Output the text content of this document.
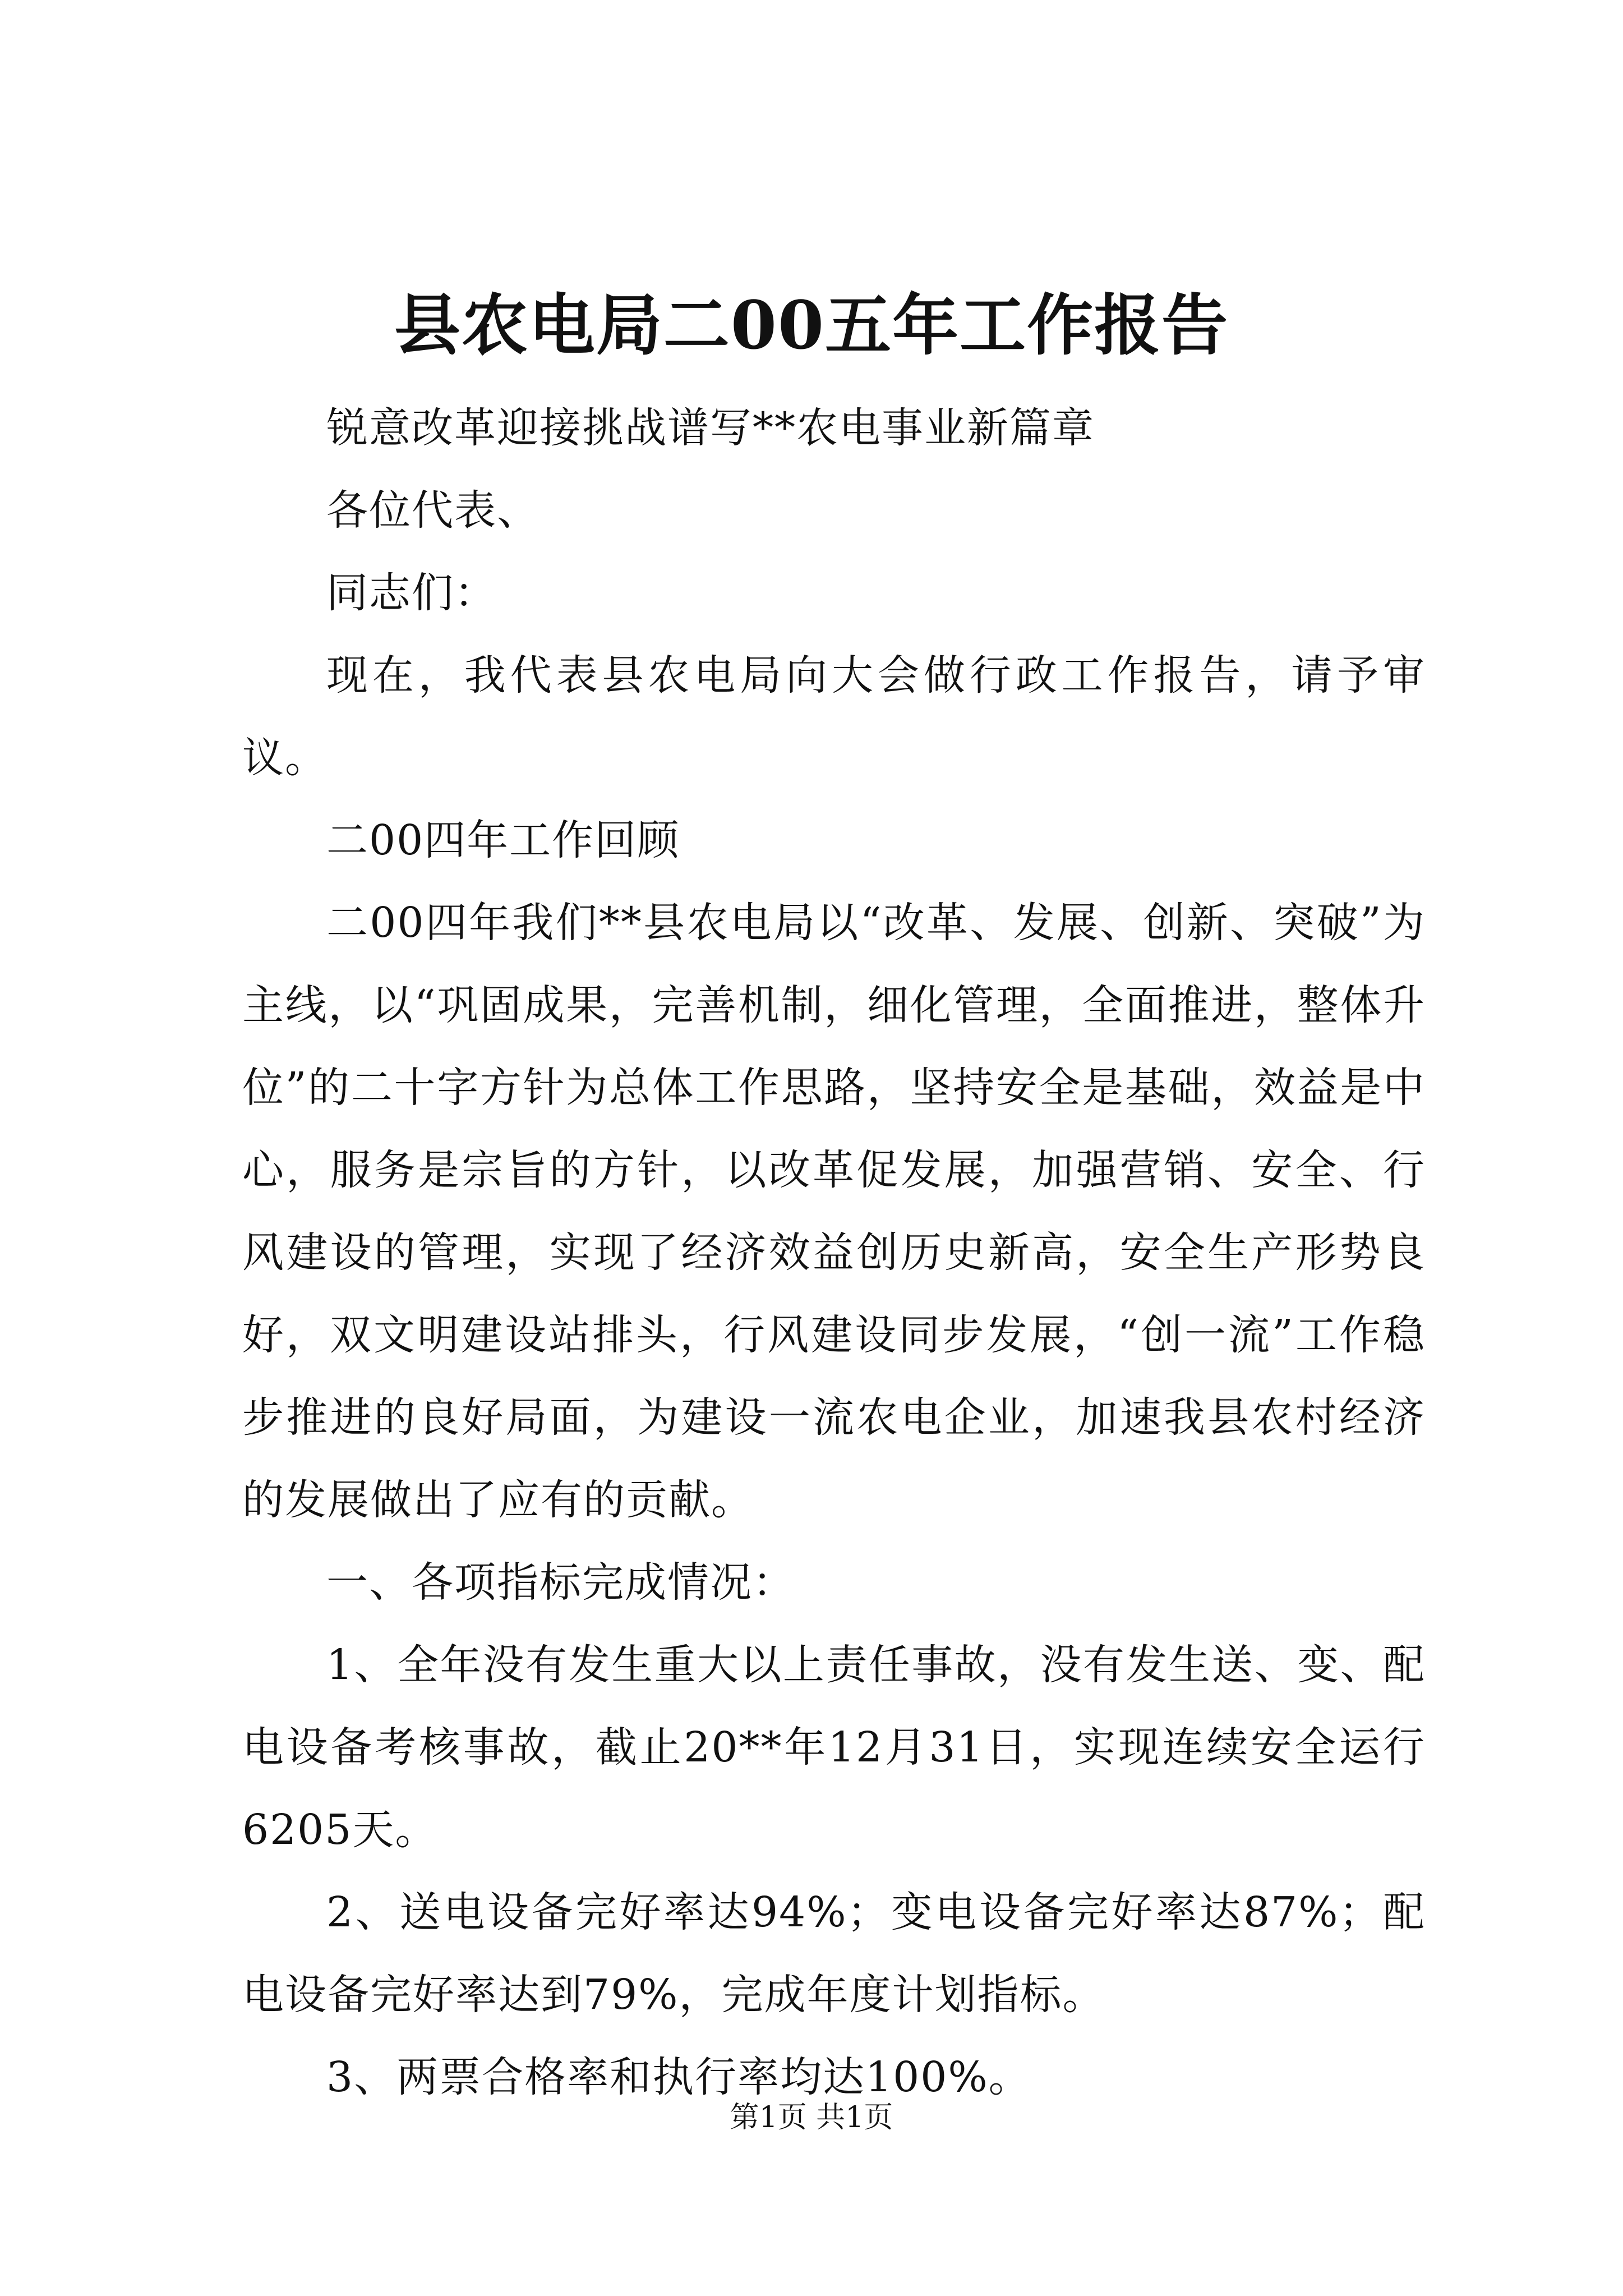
县农电局二00五年工作报告

锐意改革迎接挑战谱写**农电事业新篇章

各位代表、

同志们：

现在，我代表县农电局向大会做行政工作报告，请予审议。

二00四年工作回顾

二00四年我们**县农电局以“改革、发展、创新、突破”为主线，以“巩固成果，完善机制，细化管理，全面推进，整体升位”的二十字方针为总体工作思路，坚持安全是基础，效益是中心，服务是宗旨的方针，以改革促发展，加强营销、安全、行风建设的管理，实现了经济效益创历史新高，安全生产形势良好，双文明建设站排头，行风建设同步发展，“创一流”工作稳步推进的良好局面，为建设一流农电企业，加速我县农村经济的发展做出了应有的贡献。

一、各项指标完成情况：

1、全年没有发生重大以上责任事故，没有发生送、变、配电设备考核事故，截止20**年12月31日，实现连续安全运行6205天。

2、送电设备完好率达94%；变电设备完好率达87%；配电设备完好率达到79%，完成年度计划指标。

3、两票合格率和执行率均达100%。

第1页 共1页
